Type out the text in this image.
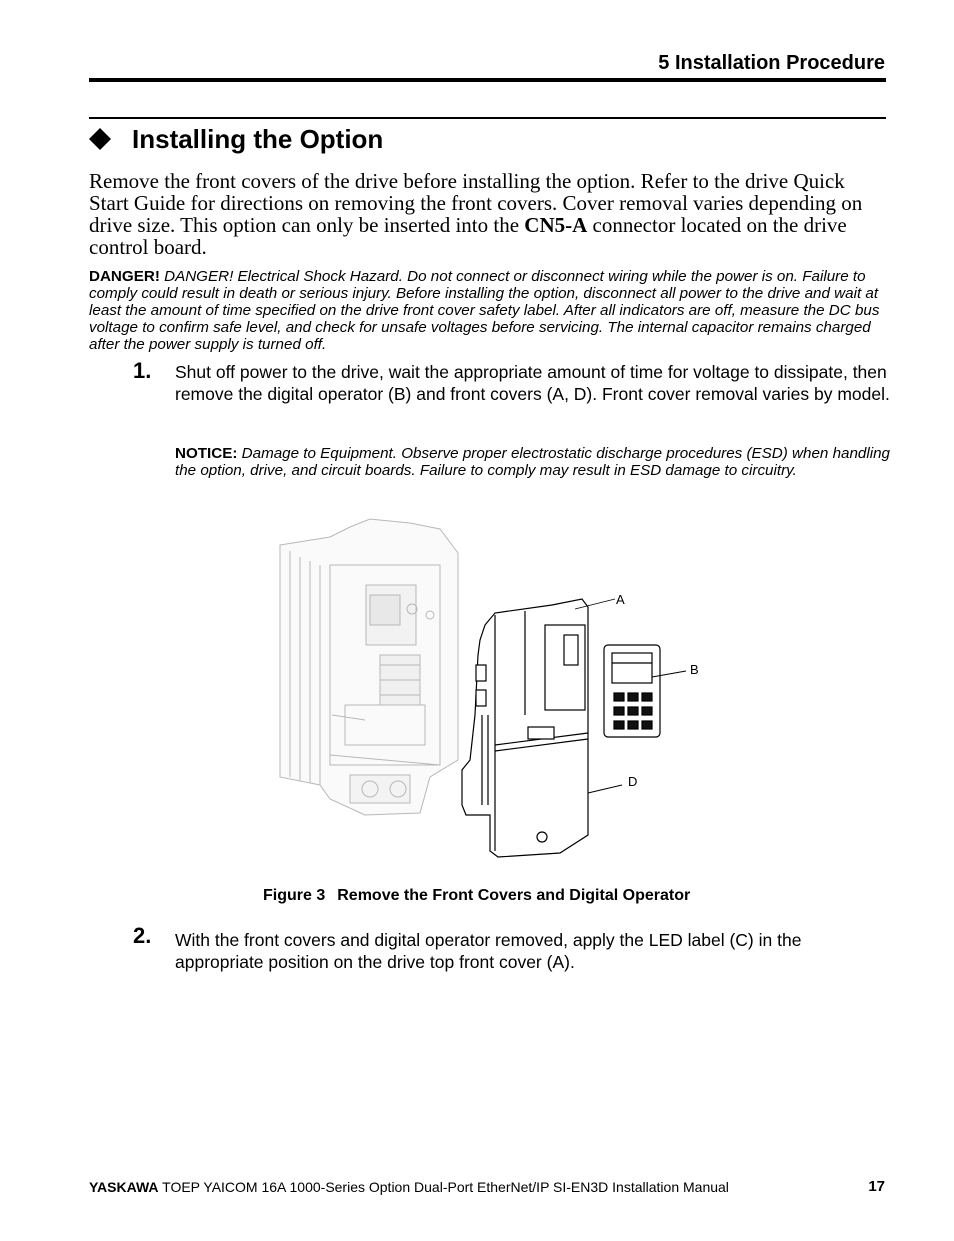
5 Installation Procedure
Installing the Option
Remove the front covers of the drive before installing the option. Refer to the drive Quick Start Guide for directions on removing the front covers. Cover removal varies depending on drive size. This option can only be inserted into the CN5-A connector located on the drive control board.
DANGER! DANGER! Electrical Shock Hazard. Do not connect or disconnect wiring while the power is on. Failure to comply could result in death or serious injury. Before installing the option, disconnect all power to the drive and wait at least the amount of time specified on the drive front cover safety label. After all indicators are off, measure the DC bus voltage to confirm safe level, and check for unsafe voltages before servicing. The internal capacitor remains charged after the power supply is turned off.
1. Shut off power to the drive, wait the appropriate amount of time for voltage to dissipate, then remove the digital operator (B) and front covers (A, D). Front cover removal varies by model.
NOTICE: Damage to Equipment. Observe proper electrostatic discharge procedures (ESD) when handling the option, drive, and circuit boards. Failure to comply may result in ESD damage to circuitry.
A
B
D
Figure 3 Remove the Front Covers and Digital Operator
2. With the front covers and digital operator removed, apply the LED label (C) in the appropriate position on the drive top front cover (A).
YASKAWA TOEP YAICOM 16A 1000-Series Option Dual-Port EtherNet/IP SI-EN3D Installation Manual	17
